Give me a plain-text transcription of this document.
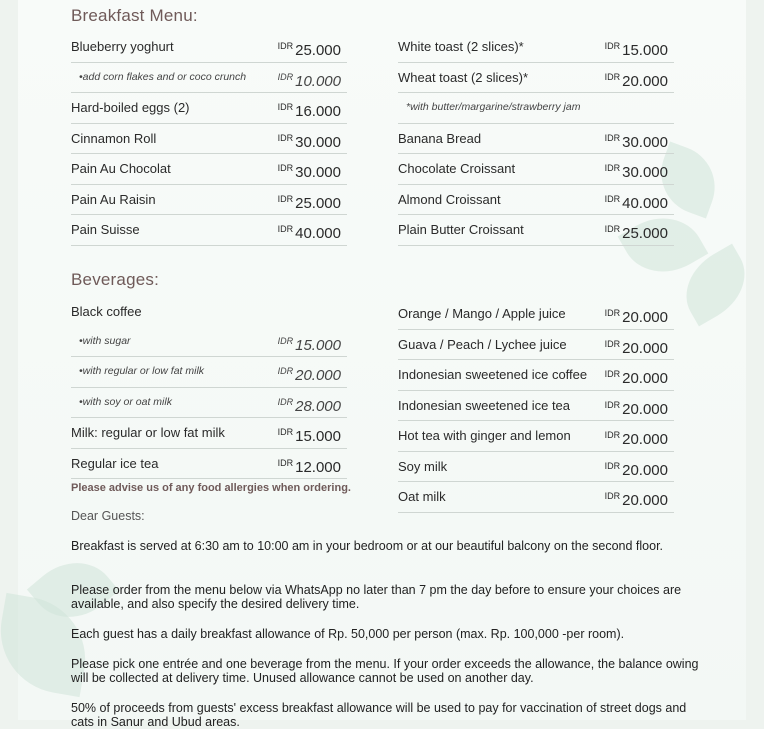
Breakfast Menu:
Blueberry yoghurt	$^{IDR}$ 25.000
•add corn flakes and or coco crunch	$^{IDR}$ 10.000
Hard-boiled eggs (2)	$^{IDR}$ 16.000
Cinnamon Roll	$^{IDR}$ 30.000
Pain Au Chocolat	$^{IDR}$ 30.000
Pain Au Raisin	$^{IDR}$ 25.000
Pain Suisse	$^{IDR}$ 40.000
White toast (2 slices)*	$^{IDR}$ 15.000
Wheat toast (2 slices)*	$^{IDR}$ 20.000
*with butter/margarine/strawberry jam
Banana Bread	$^{IDR}$ 30.000
Chocolate Croissant	$^{IDR}$ 30.000
Almond Croissant	$^{IDR}$ 40.000
Plain Butter Croissant	$^{IDR}$ 25.000
Beverages:
Black coffee
•with sugar	$^{IDR}$ 15.000
•with regular or low fat milk	$^{IDR}$ 20.000
•with soy or oat milk	$^{IDR}$ 28.000
Milk: regular or low fat milk	$^{IDR}$ 15.000
Regular ice tea	$^{IDR}$ 12.000
Orange / Mango / Apple juice	$^{IDR}$ 20.000
Guava / Peach / Lychee juice	$^{IDR}$ 20.000
Indonesian sweetened ice coffee $^{IDR}$ 20.000
Indonesian sweetened ice tea	$^{IDR}$ 20.000
Hot tea with ginger and lemon	$^{IDR}$ 20.000
Soy milk	$^{IDR}$ 20.000
Oat milk	$^{IDR}$ 20.000
Please advise us of any food allergies when ordering.
Dear Guests:
Breakfast is served at 6:30 am to 10:00 am in your bedroom or at our beautiful balcony on the second floor.
Please order from the menu below via WhatsApp no later than 7 pm the day before to ensure your choices are available, and also specify the desired delivery time.
Each guest has a daily breakfast allowance of Rp. 50,000 per person (max. Rp. 100,000 -per room).
Please pick one entrée and one beverage from the menu. If your order exceeds the allowance, the balance owing will be collected at delivery time. Unused allowance cannot be used on another day.
50% of proceeds from guests' excess breakfast allowance will be used to pay for vaccination of street dogs and cats in Sanur and Ubud areas.
